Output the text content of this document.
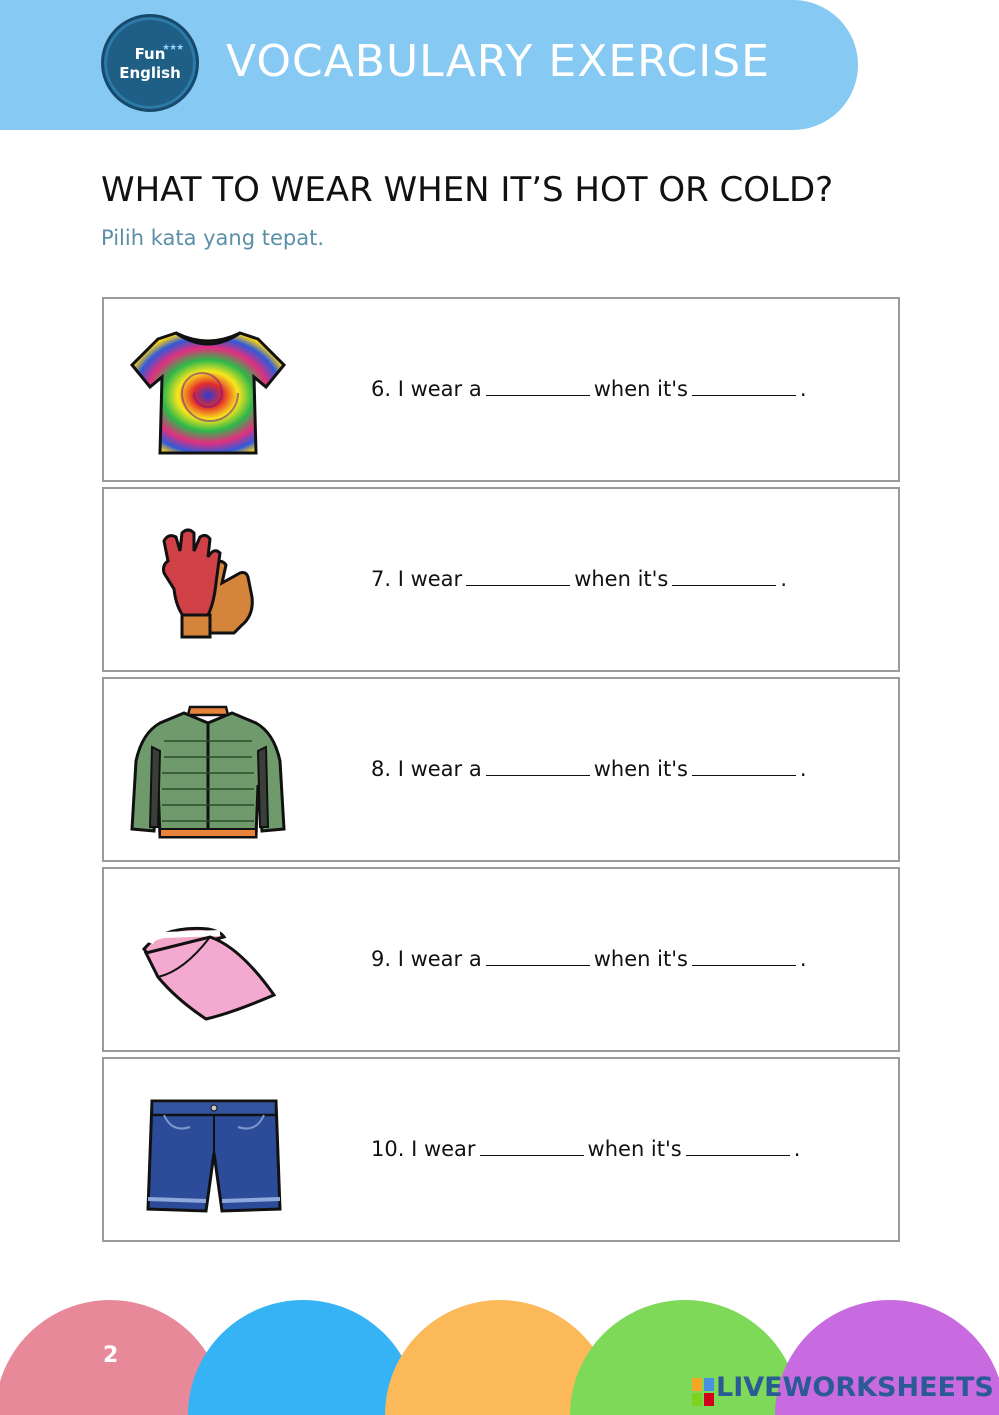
★★★
Fun
English	VOCABULARY EXERCISE
WHAT TO WEAR WHEN IT’S HOT OR COLD?
Pilih kata yang tepat.
6. I wear a	when it's	.
7. I wear	when it's	.
8. I wear a	when it's	.
9. I wear a	when it's	.
10. I wear	when it's	.
2
LIVEWORKSHEETS
